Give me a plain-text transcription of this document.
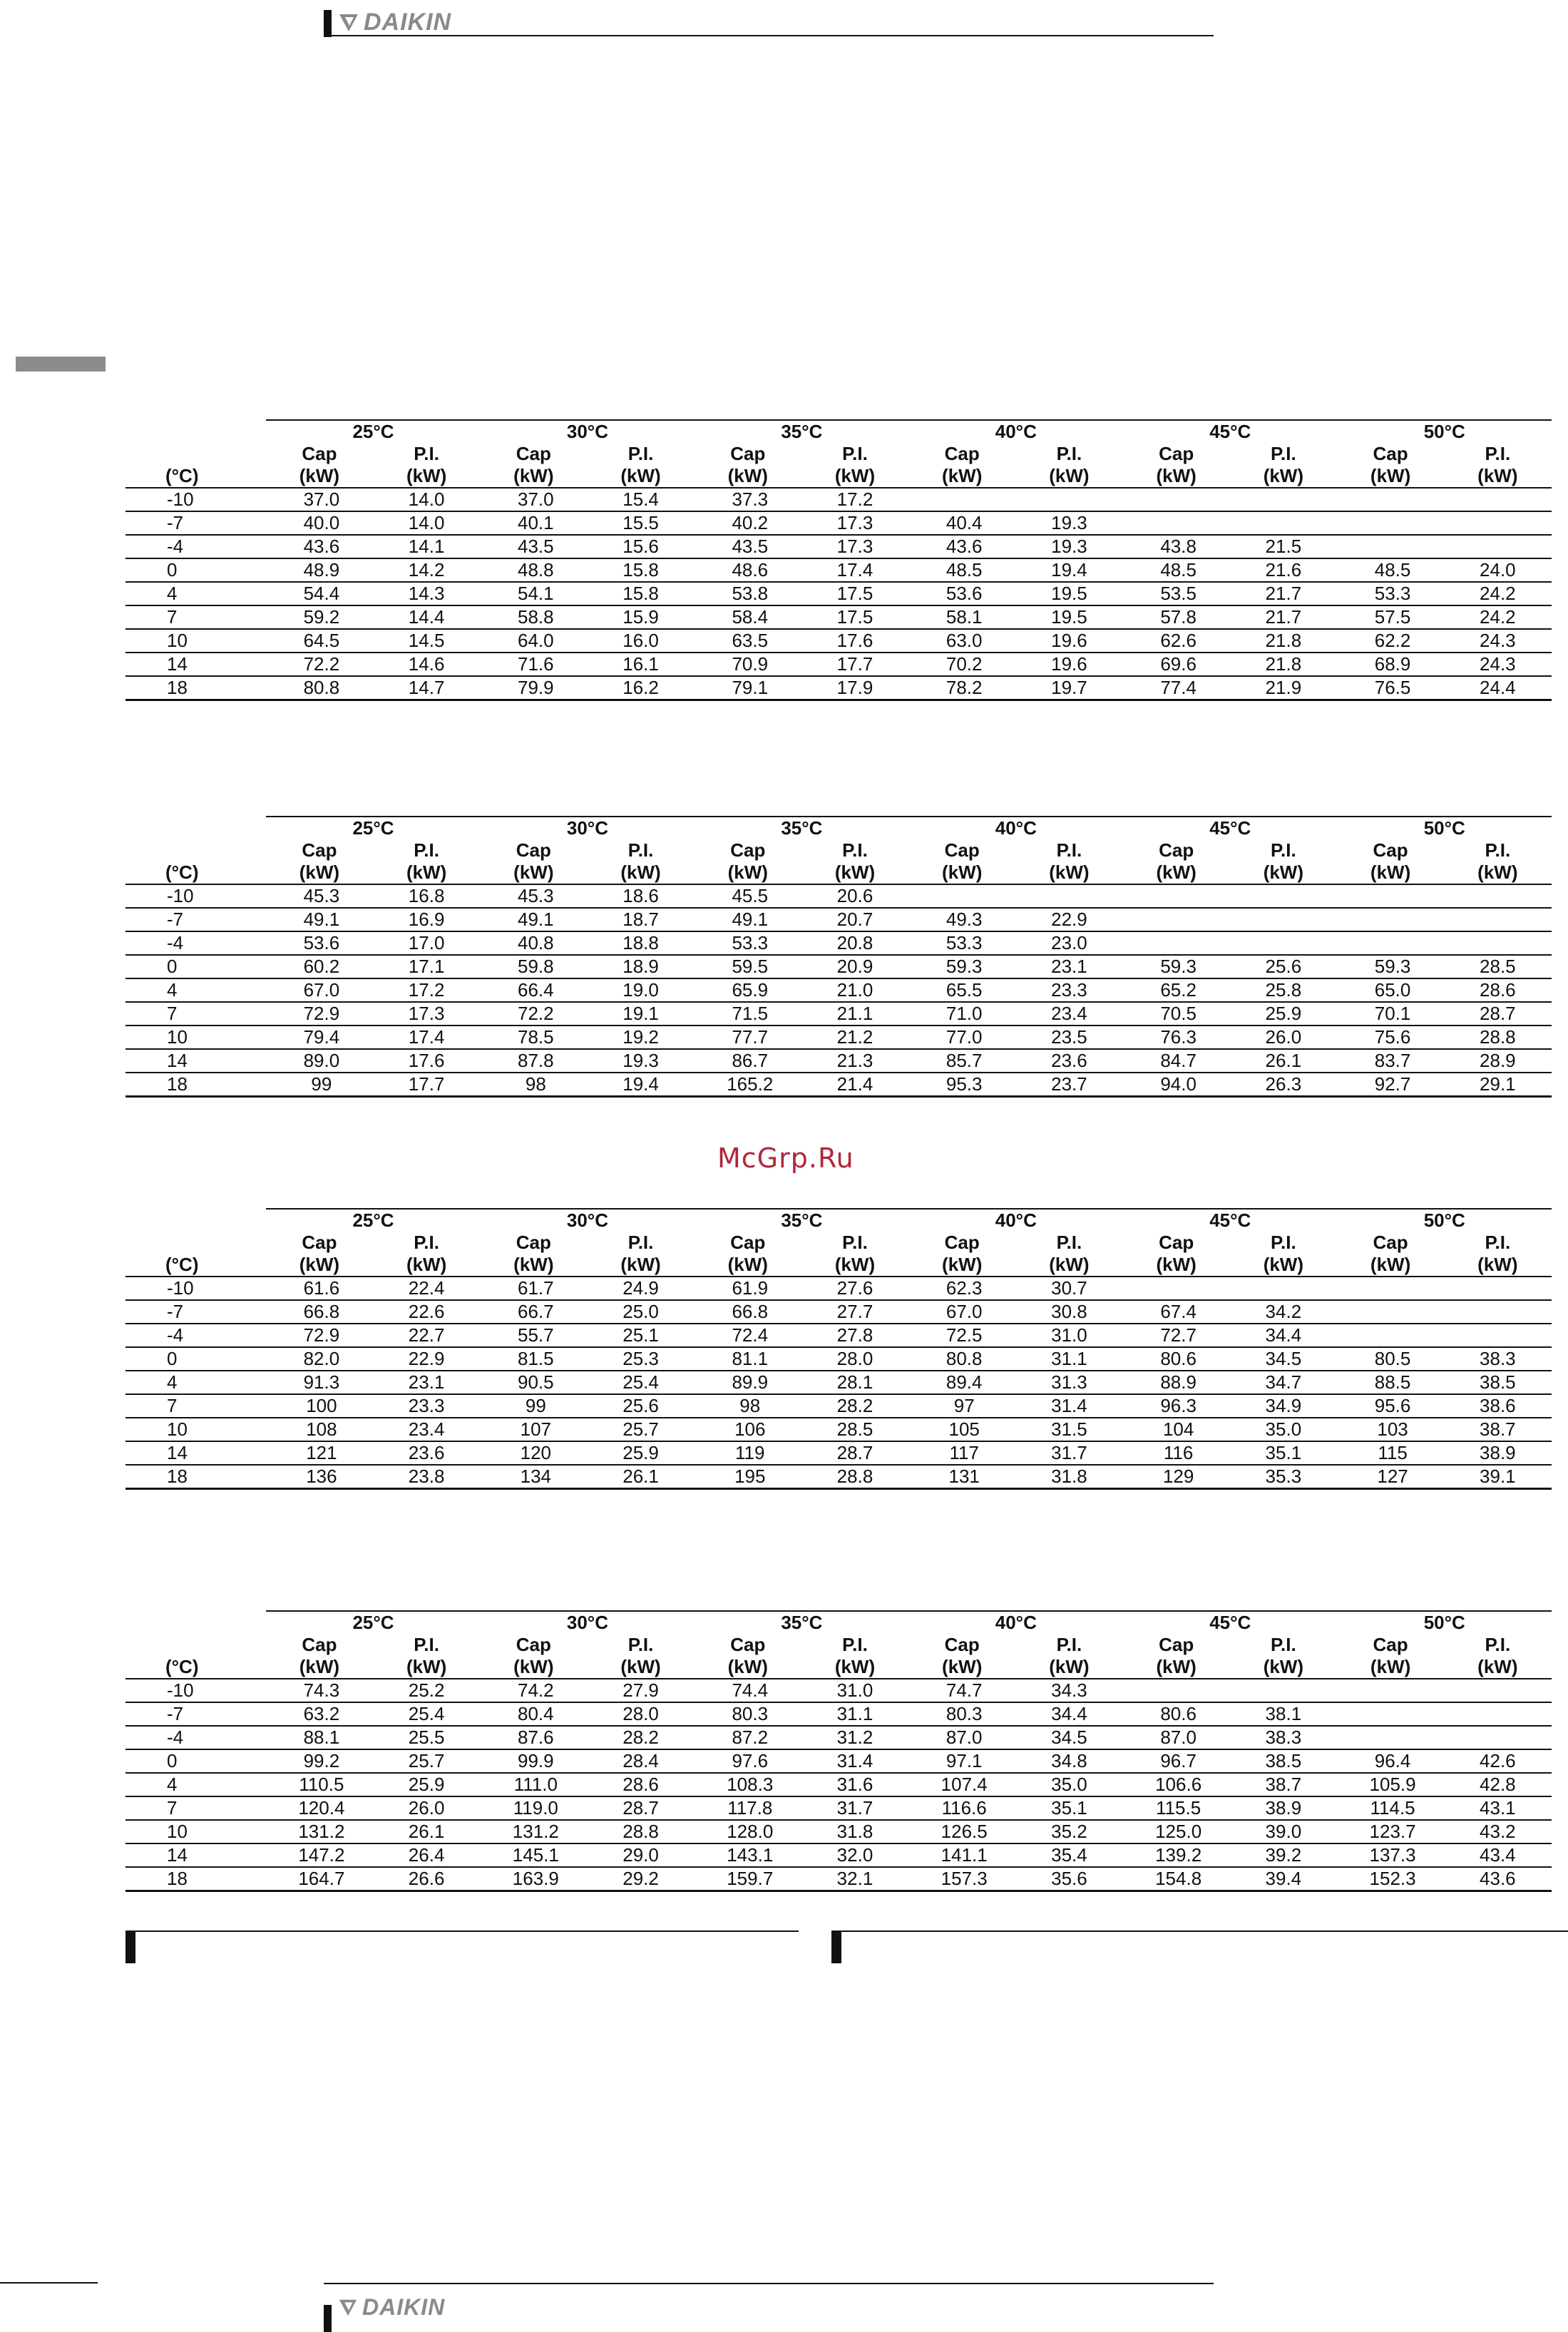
DAIKIN
	25°C		30°C		35°C		40°C		45°C		50°C	
	Cap	P.I.	Cap	P.I.	Cap	P.I.	Cap	P.I.	Cap	P.I.	Cap	P.I.
(°C)	(kW)	(kW)	(kW)	(kW)	(kW)	(kW)	(kW)	(kW)	(kW)	(kW)	(kW)	(kW)
-10	37.0	14.0	37.0	15.4	37.3	17.2						
-7	40.0	14.0	40.1	15.5	40.2	17.3	40.4	19.3				
-4	43.6	14.1	43.5	15.6	43.5	17.3	43.6	19.3	43.8	21.5		
0	48.9	14.2	48.8	15.8	48.6	17.4	48.5	19.4	48.5	21.6	48.5	24.0
4	54.4	14.3	54.1	15.8	53.8	17.5	53.6	19.5	53.5	21.7	53.3	24.2
7	59.2	14.4	58.8	15.9	58.4	17.5	58.1	19.5	57.8	21.7	57.5	24.2
10	64.5	14.5	64.0	16.0	63.5	17.6	63.0	19.6	62.6	21.8	62.2	24.3
14	72.2	14.6	71.6	16.1	70.9	17.7	70.2	19.6	69.6	21.8	68.9	24.3
18	80.8	14.7	79.9	16.2	79.1	17.9	78.2	19.7	77.4	21.9	76.5	24.4
	25°C		30°C		35°C		40°C		45°C		50°C	
	Cap	P.I.	Cap	P.I.	Cap	P.I.	Cap	P.I.	Cap	P.I.	Cap	P.I.
(°C)	(kW)	(kW)	(kW)	(kW)	(kW)	(kW)	(kW)	(kW)	(kW)	(kW)	(kW)	(kW)
-10	45.3	16.8	45.3	18.6	45.5	20.6						
-7	49.1	16.9	49.1	18.7	49.1	20.7	49.3	22.9				
-4	53.6	17.0	40.8	18.8	53.3	20.8	53.3	23.0				
0	60.2	17.1	59.8	18.9	59.5	20.9	59.3	23.1	59.3	25.6	59.3	28.5
4	67.0	17.2	66.4	19.0	65.9	21.0	65.5	23.3	65.2	25.8	65.0	28.6
7	72.9	17.3	72.2	19.1	71.5	21.1	71.0	23.4	70.5	25.9	70.1	28.7
10	79.4	17.4	78.5	19.2	77.7	21.2	77.0	23.5	76.3	26.0	75.6	28.8
14	89.0	17.6	87.8	19.3	86.7	21.3	85.7	23.6	84.7	26.1	83.7	28.9
18	99	17.7	98	19.4	165.2	21.4	95.3	23.7	94.0	26.3	92.7	29.1
McGrp.Ru
	25°C		30°C		35°C		40°C		45°C		50°C	
	Cap	P.I.	Cap	P.I.	Cap	P.I.	Cap	P.I.	Cap	P.I.	Cap	P.I.
(°C)	(kW)	(kW)	(kW)	(kW)	(kW)	(kW)	(kW)	(kW)	(kW)	(kW)	(kW)	(kW)
-10	61.6	22.4	61.7	24.9	61.9	27.6	62.3	30.7				
-7	66.8	22.6	66.7	25.0	66.8	27.7	67.0	30.8	67.4	34.2		
-4	72.9	22.7	55.7	25.1	72.4	27.8	72.5	31.0	72.7	34.4		
0	82.0	22.9	81.5	25.3	81.1	28.0	80.8	31.1	80.6	34.5	80.5	38.3
4	91.3	23.1	90.5	25.4	89.9	28.1	89.4	31.3	88.9	34.7	88.5	38.5
7	100	23.3	99	25.6	98	28.2	97	31.4	96.3	34.9	95.6	38.6
10	108	23.4	107	25.7	106	28.5	105	31.5	104	35.0	103	38.7
14	121	23.6	120	25.9	119	28.7	117	31.7	116	35.1	115	38.9
18	136	23.8	134	26.1	195	28.8	131	31.8	129	35.3	127	39.1
	25°C		30°C		35°C		40°C		45°C		50°C	
	Cap	P.I.	Cap	P.I.	Cap	P.I.	Cap	P.I.	Cap	P.I.	Cap	P.I.
(°C)	(kW)	(kW)	(kW)	(kW)	(kW)	(kW)	(kW)	(kW)	(kW)	(kW)	(kW)	(kW)
-10	74.3	25.2	74.2	27.9	74.4	31.0	74.7	34.3				
-7	63.2	25.4	80.4	28.0	80.3	31.1	80.3	34.4	80.6	38.1		
-4	88.1	25.5	87.6	28.2	87.2	31.2	87.0	34.5	87.0	38.3		
0	99.2	25.7	99.9	28.4	97.6	31.4	97.1	34.8	96.7	38.5	96.4	42.6
4	110.5	25.9	111.0	28.6	108.3	31.6	107.4	35.0	106.6	38.7	105.9	42.8
7	120.4	26.0	119.0	28.7	117.8	31.7	116.6	35.1	115.5	38.9	114.5	43.1
10	131.2	26.1	131.2	28.8	128.0	31.8	126.5	35.2	125.0	39.0	123.7	43.2
14	147.2	26.4	145.1	29.0	143.1	32.0	141.1	35.4	139.2	39.2	137.3	43.4
18	164.7	26.6	163.9	29.2	159.7	32.1	157.3	35.6	154.8	39.4	152.3	43.6
DAIKIN
